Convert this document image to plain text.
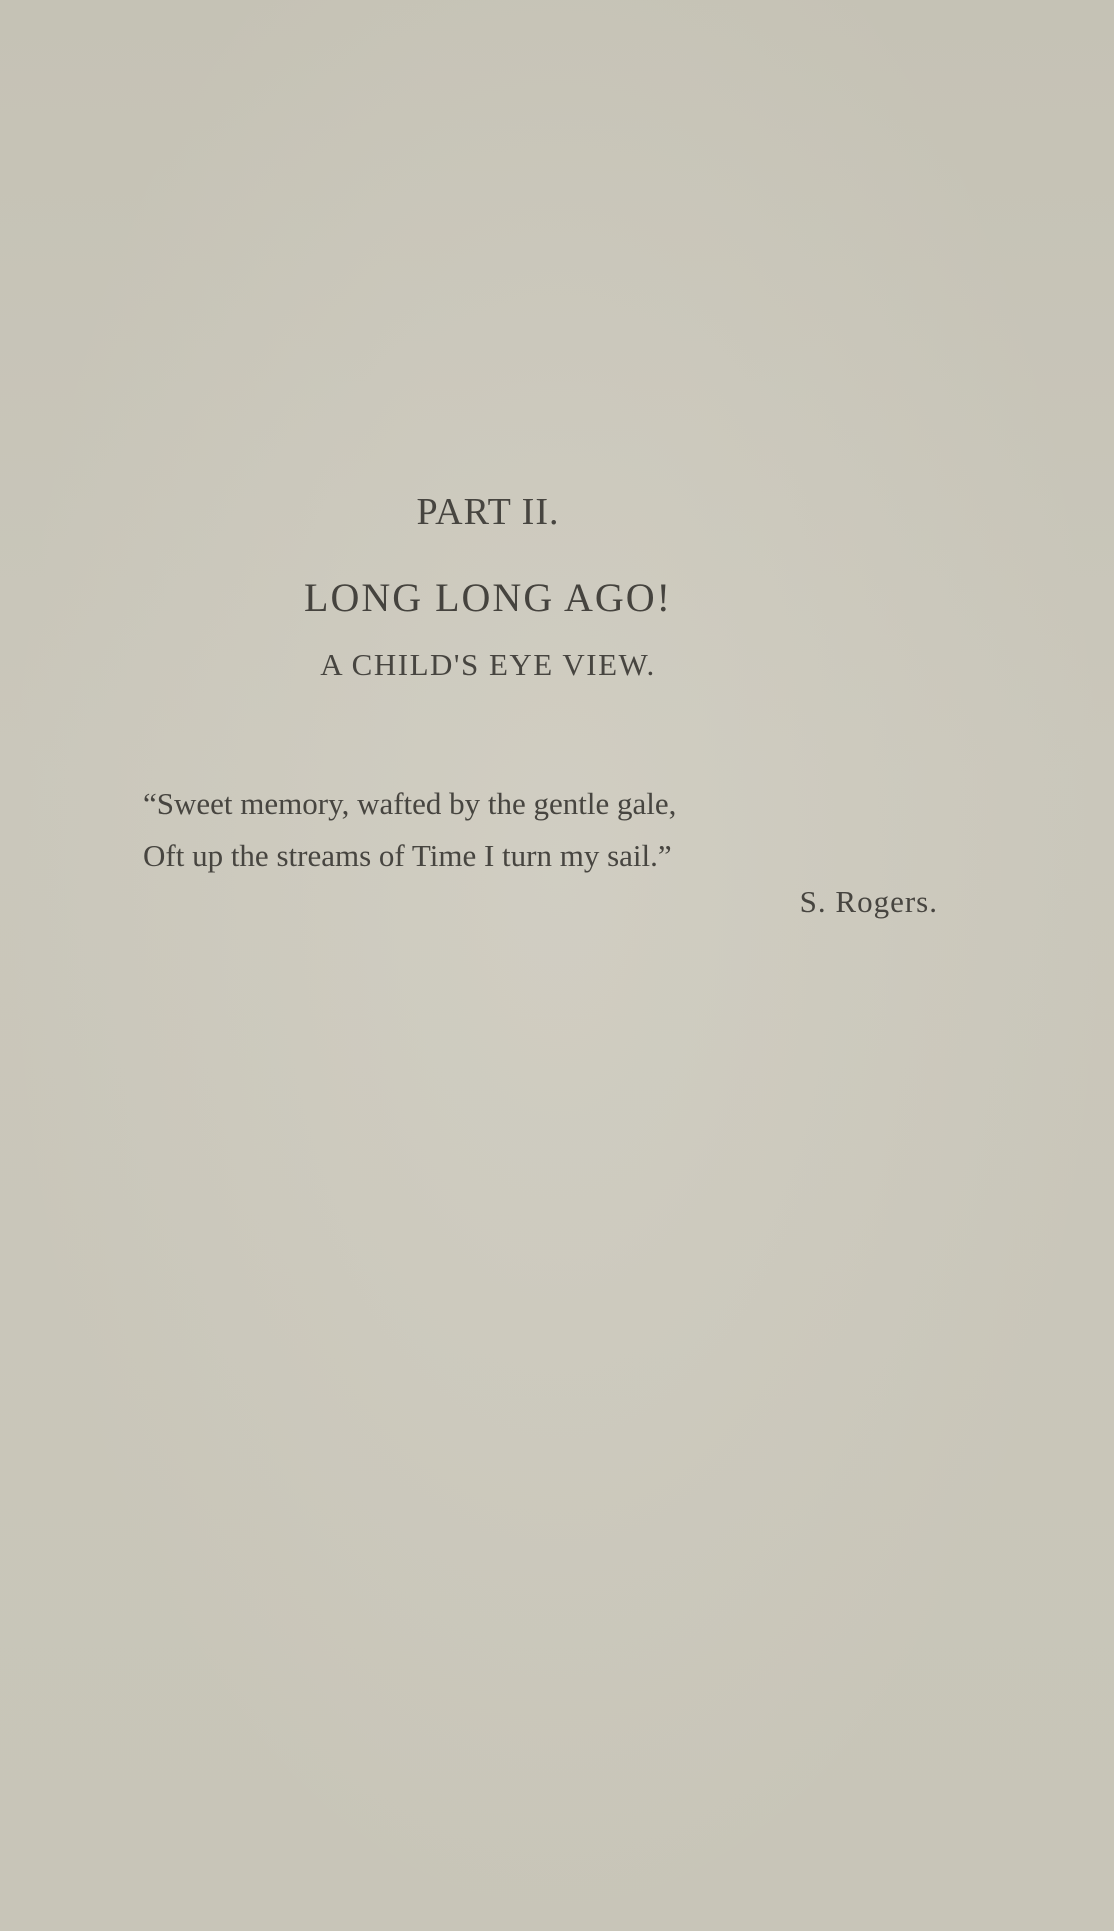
PART II.
LONG LONG AGO!
A CHILD'S EYE VIEW.
“Sweet memory, wafted by the gentle gale,
Oft up the streams of Time I turn my sail.”
S. Rogers.
